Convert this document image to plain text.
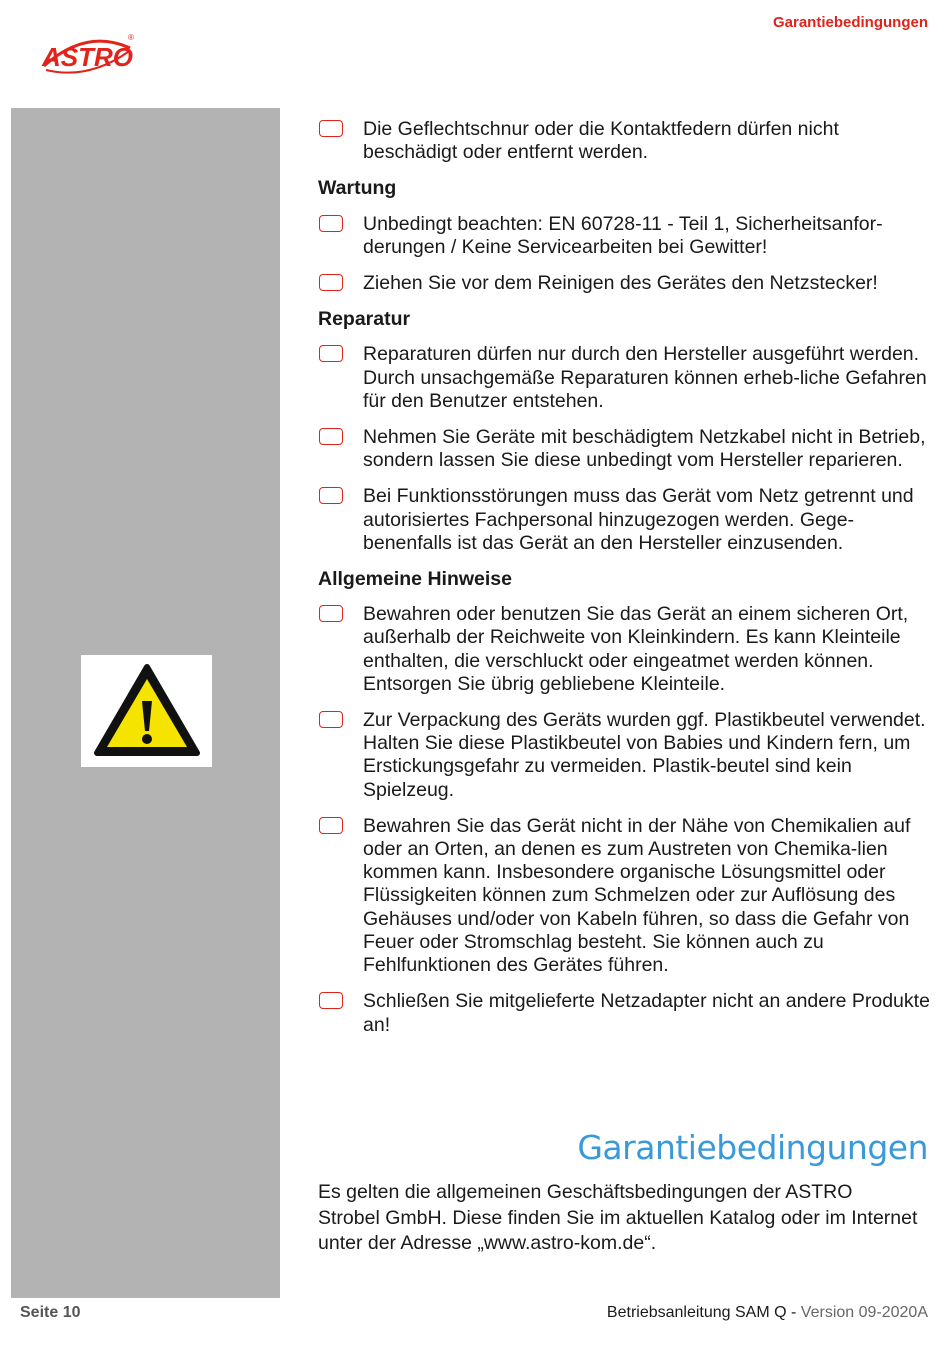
Garantiebedingungen
ASTRO
®
Die Geflechtschnur oder die Kontaktfedern dürfen nicht beschädigt oder entfernt werden.
Wartung
Unbedingt beachten: EN 60728-11 - Teil 1, Sicherheitsanfor-derungen / Keine Servicearbeiten bei Gewitter!
Ziehen Sie vor dem Reinigen des Gerätes den Netzstecker!
Reparatur
Reparaturen dürfen nur durch den Hersteller ausgeführt werden. Durch unsachgemäße Reparaturen können erheb-liche Gefahren für den Benutzer entstehen.
Nehmen Sie Geräte mit beschädigtem Netzkabel nicht in Betrieb, sondern lassen Sie diese unbedingt vom Hersteller reparieren.
Bei Funktionsstörungen muss das Gerät vom Netz getrennt und autorisiertes Fachpersonal hinzugezogen werden. Gege-benenfalls ist das Gerät an den Hersteller einzusenden.
Allgemeine Hinweise
Bewahren oder benutzen Sie das Gerät an einem sicheren Ort, außerhalb der Reichweite von Kleinkindern. Es kann Kleinteile enthalten, die verschluckt oder eingeatmet werden können. Entsorgen Sie übrig gebliebene Kleinteile.
Zur Verpackung des Geräts wurden ggf. Plastikbeutel verwendet. Halten Sie diese Plastikbeutel von Babies und Kindern fern, um Erstickungsgefahr zu vermeiden. Plastik-beutel sind kein Spielzeug.
Bewahren Sie das Gerät nicht in der Nähe von Chemikalien auf oder an Orten, an denen es zum Austreten von Chemika-lien kommen kann. Insbesondere organische Lösungsmittel oder Flüssigkeiten können zum Schmelzen oder zur Auflösung des Gehäuses und/oder von Kabeln führen, so dass die Gefahr von Feuer oder Stromschlag besteht. Sie können auch zu Fehlfunktionen des Gerätes führen.
Schließen Sie mitgelieferte Netzadapter nicht an andere Produkte an!
Garantiebedingungen
Es gelten die allgemeinen Geschäftsbedingungen der ASTRO Strobel GmbH. Diese finden Sie im aktuellen Katalog oder im Internet unter der Adresse „www.astro-kom.de“.
Seite 10	Betriebsanleitung SAM Q - Version 09-2020A
